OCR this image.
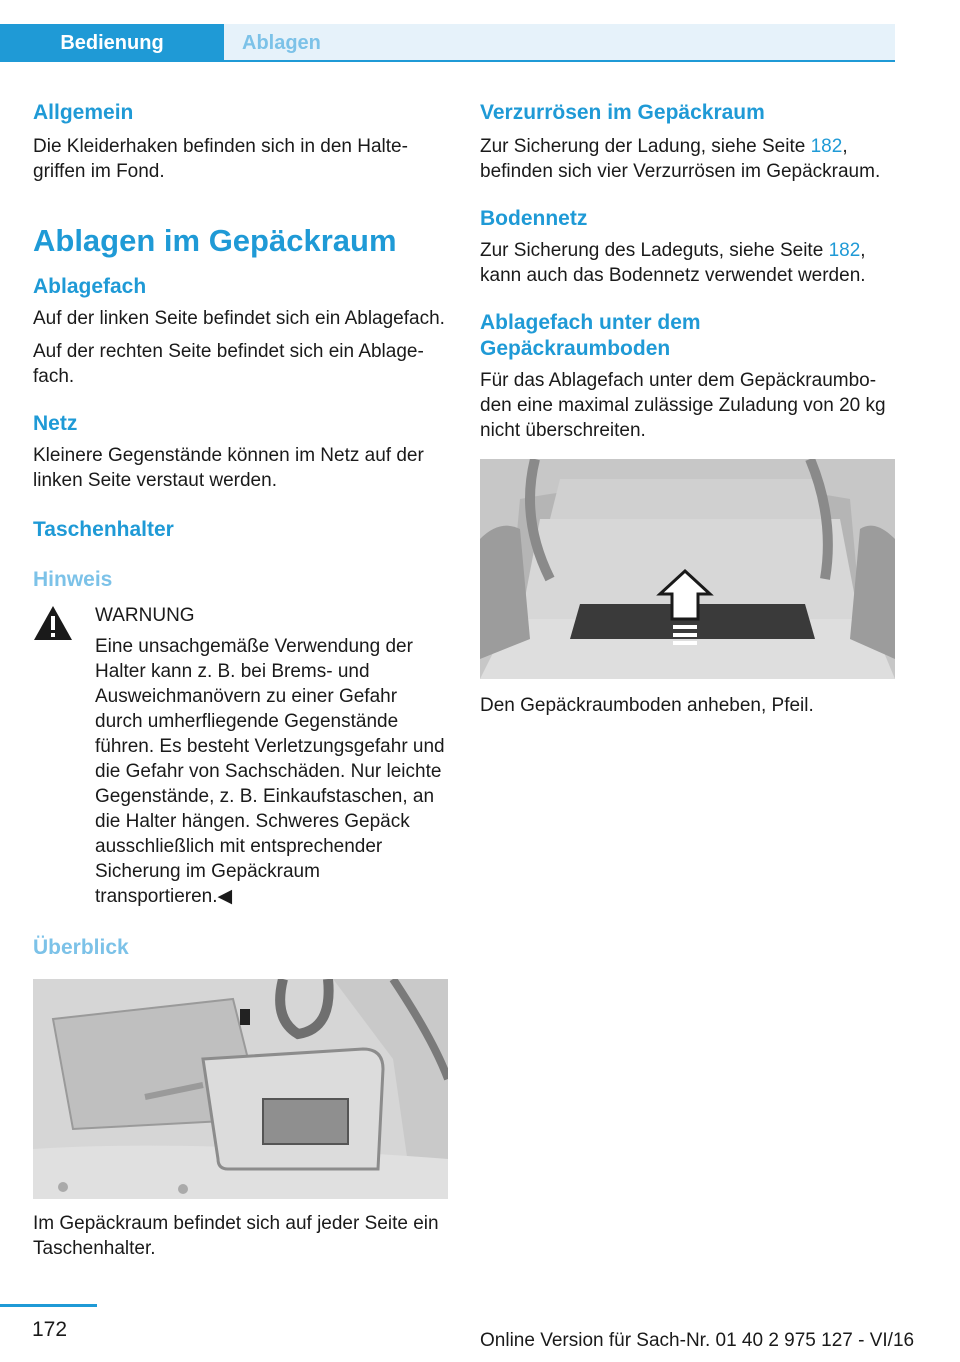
Bedienung	Ablagen
Allgemein

Die Kleiderhaken befinden sich in den Haltegriffen im Fond.

Ablagen im Gepäckraum
Ablagefach

Auf der linken Seite befindet sich ein Ablagefach.

Auf der rechten Seite befindet sich ein Ablagefach.

Netz

Kleinere Gegenstände können im Netz auf der linken Seite verstaut werden.

Taschenhalter
Hinweis

WARNUNG

Eine unsachgemäße Verwendung der Halter kann z. B. bei Brems- und Ausweichmanövern zu einer Gefahr durch umherfliegende Gegenstände führen. Es besteht Verletzungsgefahr und die Gefahr von Sachschäden. Nur leichte Gegenstände, z. B. Einkaufstaschen, an die Halter hängen. Schweres Gepäck ausschließlich mit entsprechender Sicherung im Gepäckraum transportieren.◀

Überblick

Im Gepäckraum befindet sich auf jeder Seite ein Taschenhalter.

Verzurrösen im Gepäckraum

Zur Sicherung der Ladung, siehe Seite 182, befinden sich vier Verzurrösen im Gepäckraum.

Bodennetz

Zur Sicherung des Ladeguts, siehe Seite 182, kann auch das Bodennetz verwendet werden.

Ablagefach unter dem Gepäckraumboden

Für das Ablagefach unter dem Gepäckraumboden eine maximal zulässige Zuladung von 20 kg nicht überschreiten.

Den Gepäckraumboden anheben, Pfeil.

172	Online Version für Sach-Nr. 01 40 2 975 127 - VI/16
